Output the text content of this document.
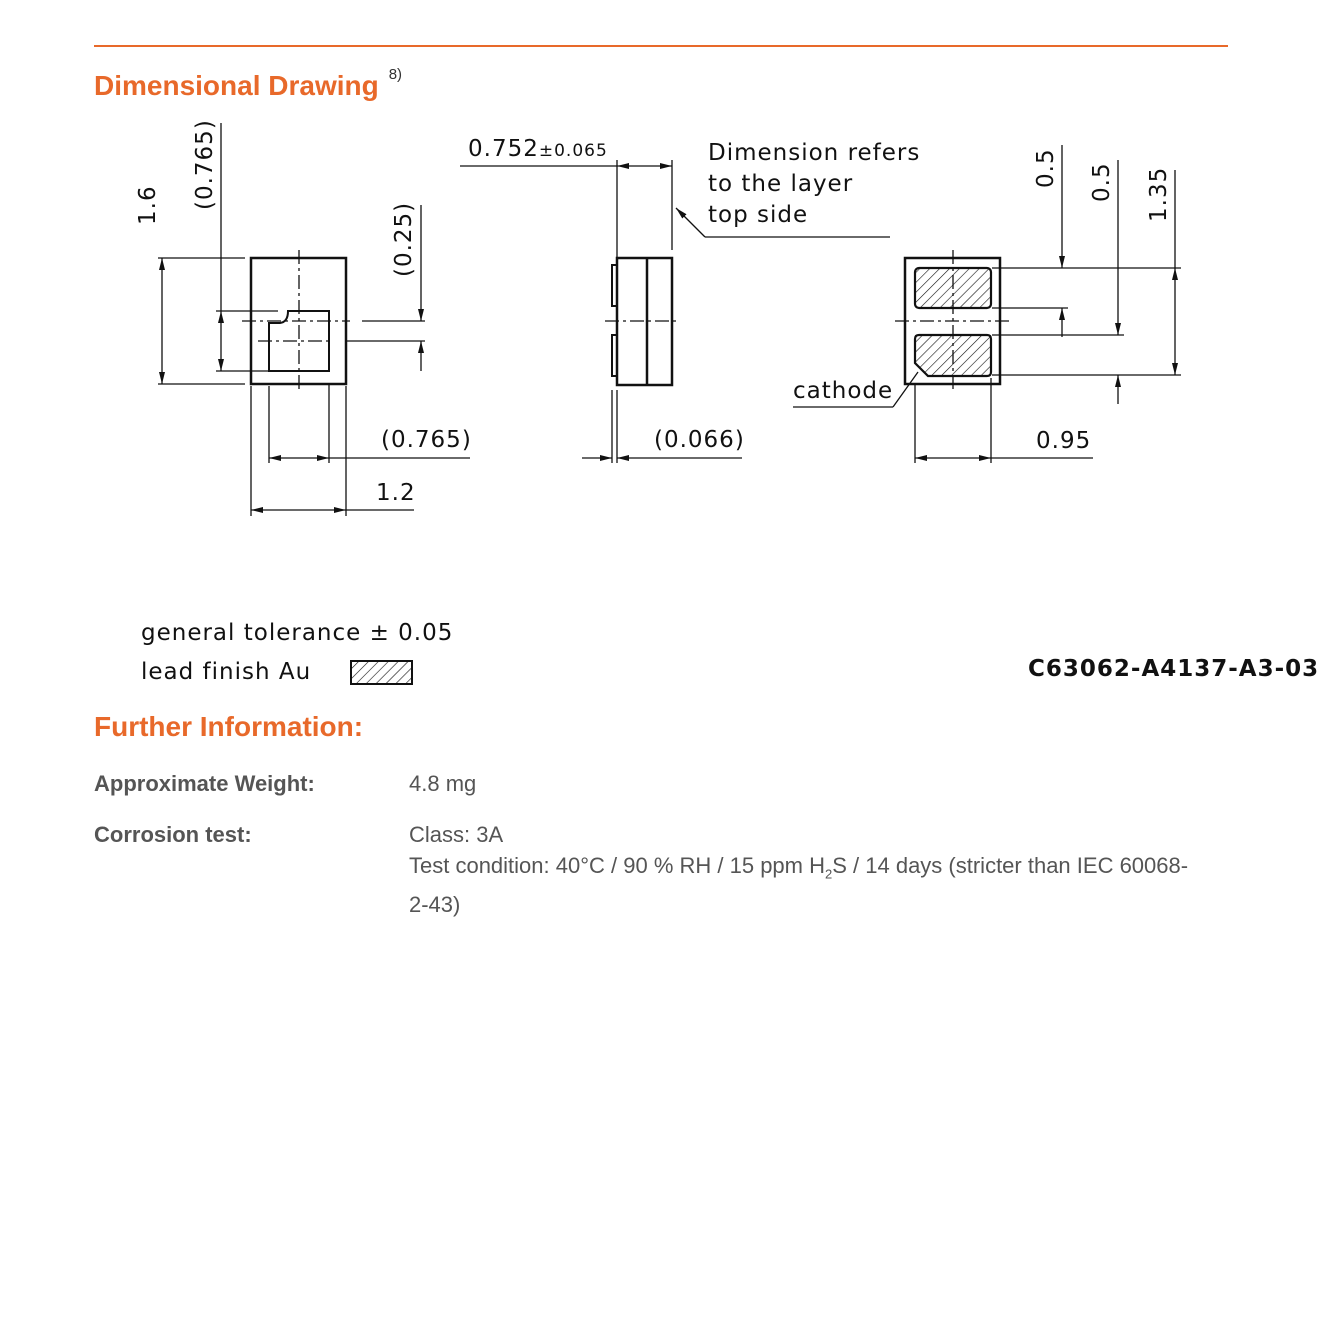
Dimensional Drawing $^{8)}$
1.6 (0.765)
(0.25)
(0.765)
1.2
0.752±0.065	Dimension refers
to the layer
top side
(0.066)
0.5 0.5 1.35
0.95
cathode
general tolerance ± 0.05
lead finish Au	C63062-A4137-A3-03
Further Information:
Approximate Weight:	4.8 mg
Corrosion test:	Class: 3A
Test condition: 40°C / 90 % RH / 15 ppm $H_2S / 14$ days (stricter than IEC 60068-2-43)
